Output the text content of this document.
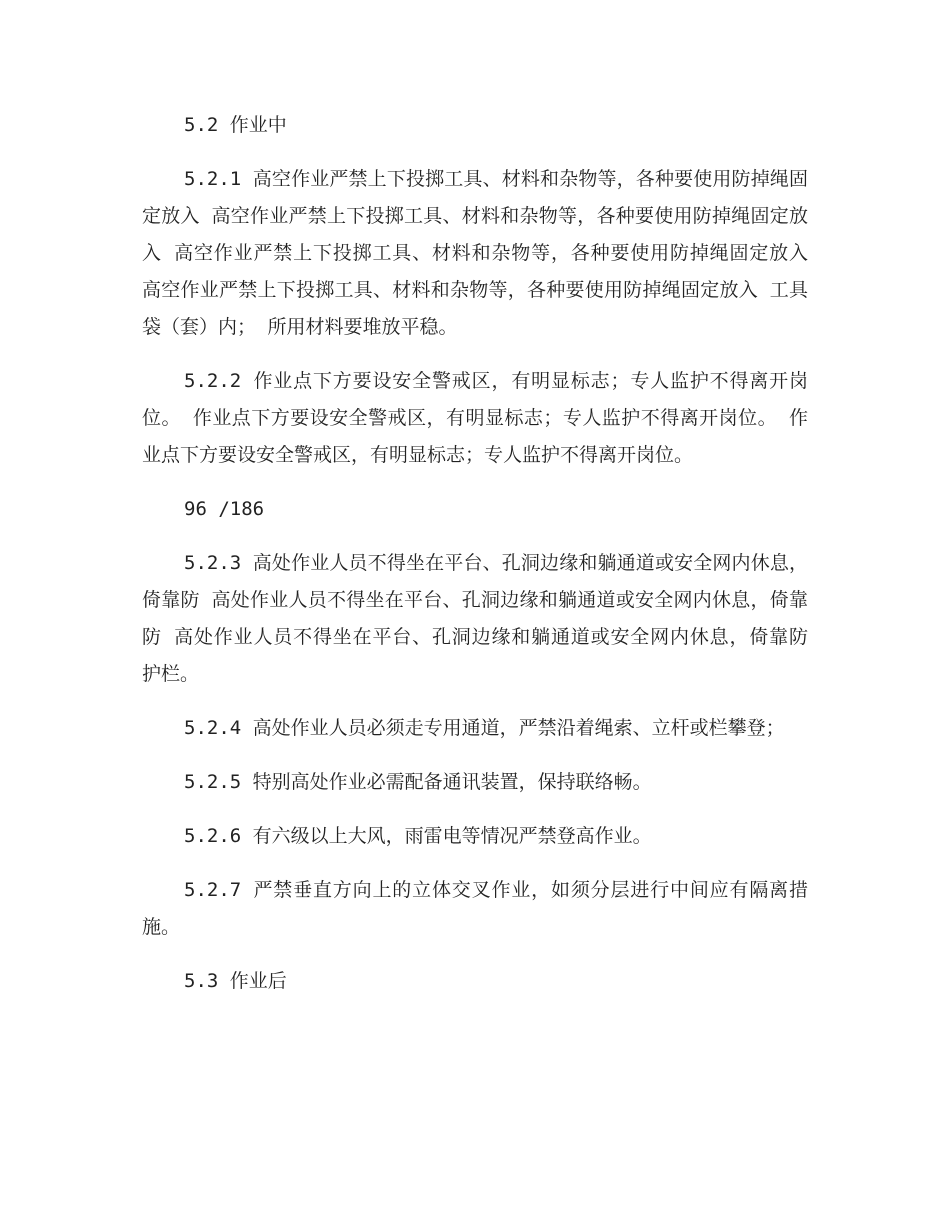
5.2 作业中

5.2.1 高空作业严禁上下投掷工具、材料和杂物等，各种要使用防掉绳固定放入 高空作业严禁上下投掷工具、材料和杂物等，各种要使用防掉绳固定放入 高空作业严禁上下投掷工具、材料和杂物等，各种要使用防掉绳固定放入 高空作业严禁上下投掷工具、材料和杂物等，各种要使用防掉绳固定放入 工具袋（套）内； 所用材料要堆放平稳。

5.2.2 作业点下方要设安全警戒区，有明显标志；专人监护不得离开岗位。 作业点下方要设安全警戒区，有明显标志；专人监护不得离开岗位。 作业点下方要设安全警戒区，有明显标志；专人监护不得离开岗位。

96 /186

5.2.3 高处作业人员不得坐在平台、孔洞边缘和躺通道或安全网内休息，倚靠防 高处作业人员不得坐在平台、孔洞边缘和躺通道或安全网内休息，倚靠防 高处作业人员不得坐在平台、孔洞边缘和躺通道或安全网内休息，倚靠防 护栏。

5.2.4 高处作业人员必须走专用通道，严禁沿着绳索、立杆或栏攀登；

5.2.5 特别高处作业必需配备通讯装置，保持联络畅。

5.2.6 有六级以上大风，雨雷电等情况严禁登高作业。

5.2.7 严禁垂直方向上的立体交叉作业，如须分层进行中间应有隔离措施。

5.3 作业后
